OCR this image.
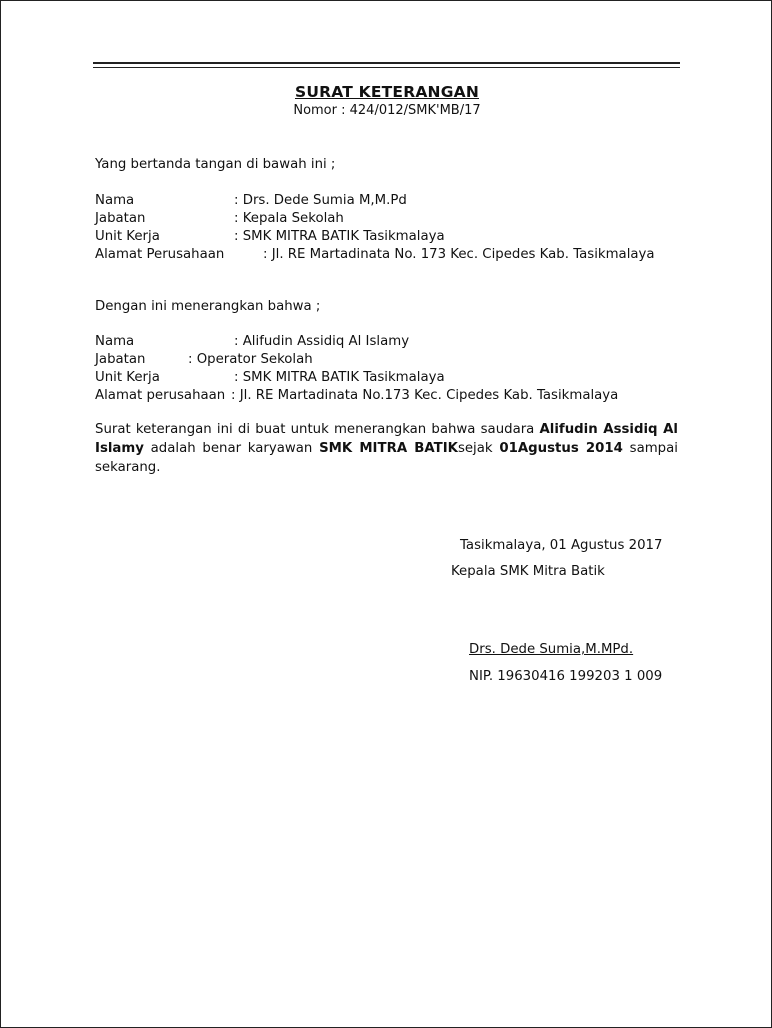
SURAT KETERANGAN
Nomor : 424/012/SMK'MB/17
Yang bertanda tangan di bawah ini ;
Nama	: Drs. Dede Sumia M,M.Pd
Jabatan	: Kepala Sekolah
Unit Kerja	: SMK MITRA BATIK Tasikmalaya
Alamat Perusahaan	: Jl. RE Martadinata No. 173 Kec. Cipedes Kab. Tasikmalaya
Dengan ini menerangkan bahwa ;
Nama	: Alifudin Assidiq Al Islamy
Jabatan	: Operator Sekolah
Unit Kerja	: SMK MITRA BATIK Tasikmalaya
Alamat perusahaan : Jl. RE Martadinata No.173 Kec. Cipedes Kab. Tasikmalaya
Surat keterangan ini di buat untuk menerangkan bahwa saudara Alifudin Assidiq Al Islamy adalah benar karyawan SMK MITRA BATIKsejak 01Agustus 2014 sampai sekarang.
Tasikmalaya, 01 Agustus 2017
Kepala SMK Mitra Batik
Drs. Dede Sumia,M.MPd.
NIP. 19630416 199203 1 009
